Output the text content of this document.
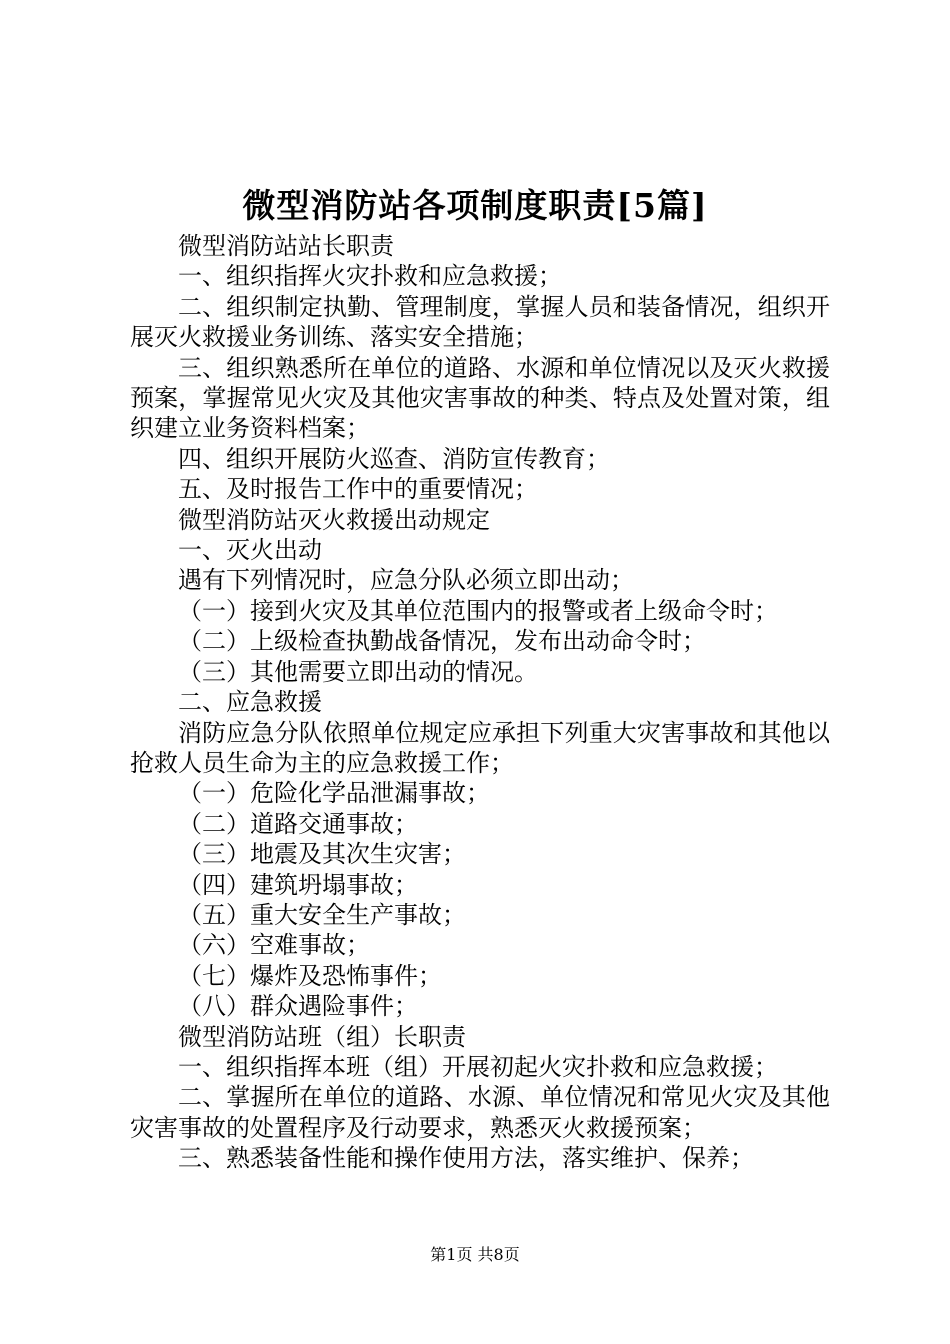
微型消防站各项制度职责[5篇]

微型消防站站长职责

一、组织指挥火灾扑救和应急救援；

二、组织制定执勤、管理制度，掌握人员和装备情况，组织开展灭火救援业务训练、落实安全措施；

三、组织熟悉所在单位的道路、水源和单位情况以及灭火救援预案，掌握常见火灾及其他灾害事故的种类、特点及处置对策，组织建立业务资料档案；

四、组织开展防火巡查、消防宣传教育；

五、及时报告工作中的重要情况；

微型消防站灭火救援出动规定

一、灭火出动

遇有下列情况时，应急分队必须立即出动；

（一）接到火灾及其单位范围内的报警或者上级命令时；

（二）上级检查执勤战备情况，发布出动命令时；

（三）其他需要立即出动的情况。

二、应急救援

消防应急分队依照单位规定应承担下列重大灾害事故和其他以抢救人员生命为主的应急救援工作；

（一）危险化学品泄漏事故；

（二）道路交通事故；

（三）地震及其次生灾害；

（四）建筑坍塌事故；

（五）重大安全生产事故；

（六）空难事故；

（七）爆炸及恐怖事件；

（八）群众遇险事件；

微型消防站班（组）长职责

一、组织指挥本班（组）开展初起火灾扑救和应急救援；

二、掌握所在单位的道路、水源、单位情况和常见火灾及其他灾害事故的处置程序及行动要求，熟悉灭火救援预案；

三、熟悉装备性能和操作使用方法，落实维护、保养；

第1页 共8页
